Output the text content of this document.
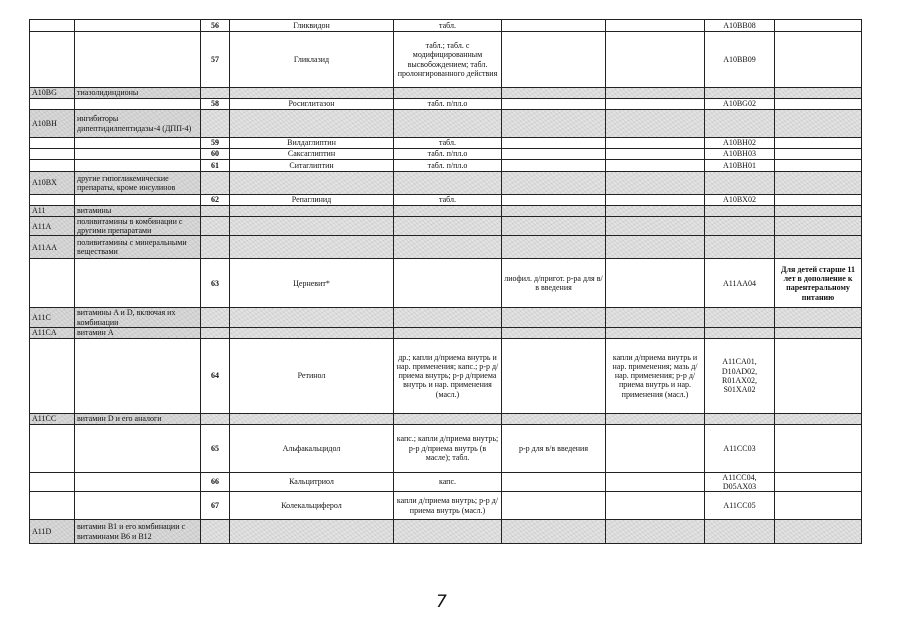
		56	Гликвидон	табл.			A10BB08	
		57	Гликлазид	табл.; табл. с модифицированным высвобождением; табл. пролонгированного действия			A10BB09	
A10BG	тиазолидиндионы							
		58	Росиглитазон	табл. п/пл.о			A10BG02	
A10BH	ингибиторы дипептидилпептидазы-4 (ДПП-4)							
		59	Вилдаглиптин	табл.			A10BH02	
		60	Саксаглиптин	табл. п/пл.о			A10BH03	
		61	Ситаглиптин	табл. п/пл.о			A10BH01	
A10BX	другие гипогликемические препараты, кроме инсулинов							
		62	Репаглинид	табл.			A10BX02	
A11	витамины							
A11A	поливитамины в комбинации с другими препаратами							
A11AA	поливитамины с минеральными веществами							
		63	Церневит*		лиофил. д/пригот. р-ра для в/в введения		A11AA04	Для детей старше 11 лет в дополнение к парентеральному питанию
A11C	витамины A и D, включая их комбинации							
A11CA	витамин A							
		64	Ретинол	др.; капли д/приема внутрь и нар. применения; капс.; р-р д/приема внутрь; р-р д/приема внутрь и нар. применения (масл.)		капли д/приема внутрь и нар. применения; мазь д/нар. применения; р-р д/приема внутрь и нар. применения (масл.)	A11CA01, D10AD02, R01AX02, S01XA02	
A11CC	витамин D и его аналоги							
		65	Альфакальцидол	капс.; капли д/приема внутрь; р-р д/приема внутрь (в масле); табл.	р-р для в/в введения		A11CC03	
		66	Кальцитриол	капс.			A11CC04, D05AX03	
		67	Колекальциферол	капли д/приема внутрь; р-р д/приема внутрь (масл.)			A11CC05	
A11D	витамин B1 и его комбинации с витаминами B6 и B12							
7
